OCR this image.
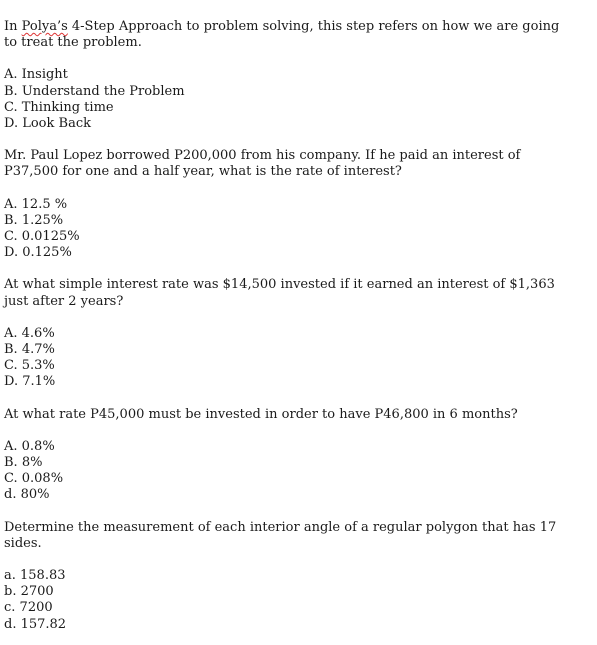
In Polya’s 4-Step Approach to problem solving, this step refers on how we are going to treat the problem.

A. Insight
B. Understand the Problem
C. Thinking time
D. Look Back

Mr. Paul Lopez borrowed P200,000 from his company. If he paid an interest of P37,500 for one and a half year, what is the rate of interest?

A. 12.5 %
B. 1.25%
C. 0.0125%
D. 0.125%

At what simple interest rate was $14,500 invested if it earned an interest of $1,363 just after 2 years?

A. 4.6%
B. 4.7%
C. 5.3%
D. 7.1%

At what rate P45,000 must be invested in order to have P46,800 in 6 months?

A. 0.8%
B. 8%
C. 0.08%
d. 80%

Determine the measurement of each interior angle of a regular polygon that has 17 sides.

a. 158.83
b. 2700
c. 7200
d. 157.82
